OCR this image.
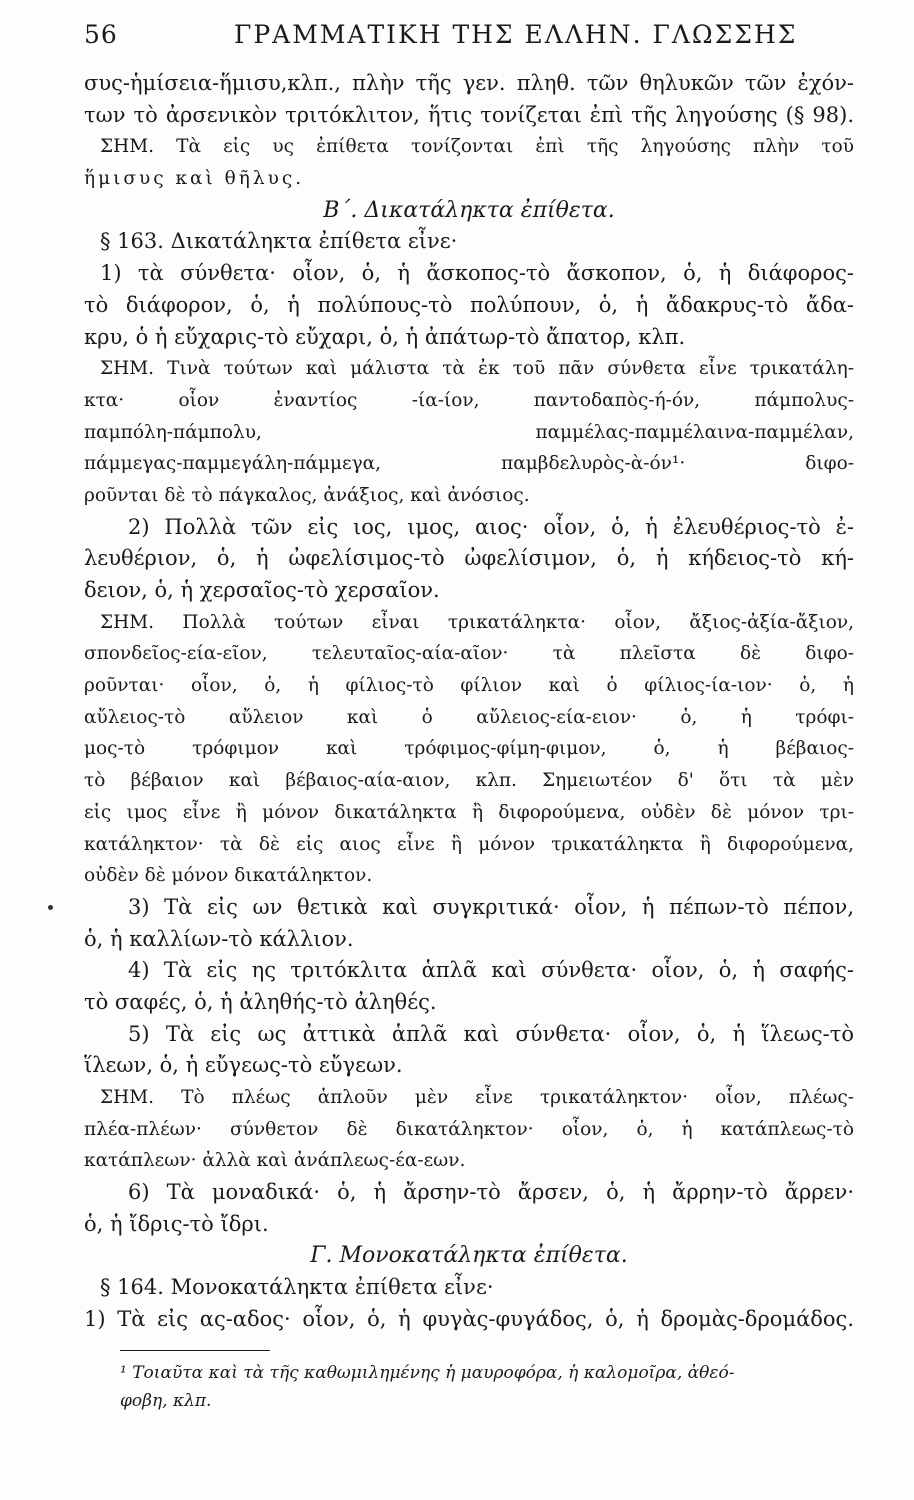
56	ΓΡΑΜΜΑΤΙΚΗ ΤΗΣ ΕΛΛΗΝ. ΓΛΩΣΣΗΣ
συς-ἡμίσεια-ἥμισυ,κλπ., πλὴν τῆς γεν. πληθ. τῶν θηλυκῶν τῶν ἐχόν-
των τὸ ἀρσενικὸν τριτόκλιτον, ἥτις τονίζεται ἐπὶ τῆς ληγούσης (§ 98).
ΣΗΜ. Τὰ εἰς υς ἐπίθετα τονίζονται ἐπὶ τῆς ληγούσης πλὴν τοῦ
ἥμισυς καὶ θῆλυς.
Β΄. Δικατάληκτα ἐπίθετα.
§ 163. Δικατάληκτα ἐπίθετα εἶνε·
1) τὰ σύνθετα· οἷον, ὁ, ἡ ἄσκοπος-τὸ ἄσκοπον, ὁ, ἡ διάφορος-
τὸ διάφορον, ὁ, ἡ πολύπους-τὸ πολύπουν, ὁ, ἡ ἄδακρυς-τὸ ἄδα-
κρυ, ὁ ἡ εὔχαρις-τὸ εὔχαρι, ὁ, ἡ ἀπάτωρ-τὸ ἄπατορ, κλπ.
ΣΗΜ. Τινὰ τούτων καὶ μάλιστα τὰ ἐκ τοῦ πᾶν σύνθετα εἶνε τρικατάλη-
κτα· οἷον ἐναντίος -ία-ίον, παντοδαπὸς-ή-όν, πάμπολυς-
παμπόλη-πάμπολυ, παμμέλας-παμμέλαινα-παμμέλαν,
πάμμεγας-παμμεγάλη-πάμμεγα, παμβδελυρὸς-ὰ-όν¹· διφο-
ροῦνται δὲ τὸ πάγκαλος, ἀνάξιος, καὶ ἀνόσιος.
2) Πολλὰ τῶν εἰς ιος, ιμος, αιος· οἷον, ὁ, ἡ ἐλευθέριος-τὸ ἐ-
λευθέριον, ὁ, ἡ ὠφελίσιμος-τὸ ὠφελίσιμον, ὁ, ἡ κήδειος-τὸ κή-
δειον, ὁ, ἡ χερσαῖος-τὸ χερσαῖον.
ΣΗΜ. Πολλὰ τούτων εἶναι τρικατάληκτα· οἷον, ἄξιος-ἀξία-ἄξιον,
σπονδεῖος-εία-εῖον, τελευταῖος-αία-αῖον· τὰ πλεῖστα δὲ διφο-
ροῦνται· οἷον, ὁ, ἡ φίλιος-τὸ φίλιον καὶ ὁ φίλιος-ία-ιον· ὁ, ἡ
αὔλειος-τὸ αὔλειον καὶ ὁ αὔλειος-εία-ειον· ὁ, ἡ τρόφι-
μος-τὸ τρόφιμον καὶ τρόφιμος-φίμη-φιμον, ὁ, ἡ βέβαιος-
τὸ βέβαιον καὶ βέβαιος-αία-αιον, κλπ. Σημειωτέον δ' ὅτι τὰ μὲν
εἰς ιμος εἶνε ἢ μόνον δικατάληκτα ἢ διφορούμενα, οὐδὲν δὲ μόνον τρι-
κατάληκτον· τὰ δὲ εἰς αιος εἶνε ἢ μόνον τρικατάληκτα ἢ διφορούμενα,
οὐδὲν δὲ μόνον δικατάληκτον.
3) Τὰ εἰς ων θετικὰ καὶ συγκριτικά· οἷον, ἡ πέπων-τὸ πέπον,
ὁ, ἡ καλλίων-τὸ κάλλιον.
4) Τὰ εἰς ης τριτόκλιτα ἁπλᾶ καὶ σύνθετα· οἷον, ὁ, ἡ σαφής-
τὸ σαφές, ὁ, ἡ ἀληθής-τὸ ἀληθές.
5) Τὰ εἰς ως ἀττικὰ ἁπλᾶ καὶ σύνθετα· οἷον, ὁ, ἡ ἵλεως-τὸ
ἵλεων, ὁ, ἡ εὔγεως-τὸ εὔγεων.
ΣΗΜ. Τὸ πλέως ἁπλοῦν μὲν εἶνε τρικατάληκτον· οἷον, πλέως-
πλέα-πλέων· σύνθετον δὲ δικατάληκτον· οἷον, ὁ, ἡ κατάπλεως-τὸ
κατάπλεων· ἀλλὰ καὶ ἀνάπλεως-έα-εων.
6) Τὰ μοναδικά· ὁ, ἡ ἄρσην-τὸ ἄρσεν, ὁ, ἡ ἄρρην-τὸ ἄρρεν·
ὁ, ἡ ἴδρις-τὸ ἴδρι.
Γ. Μονοκατάληκτα ἐπίθετα.
§ 164. Μονοκατάληκτα ἐπίθετα εἶνε·
1) Τὰ εἰς ας-αδος· οἷον, ὁ, ἡ φυγὰς-φυγάδος, ὁ, ἡ δρομὰς-δρομάδος.
¹ Τοιαῦτα καὶ τὰ τῆς καθωμιλημένης ἡ μαυροφόρα, ἡ καλομοῖρα, ἀθεό-
φοβη, κλπ.
